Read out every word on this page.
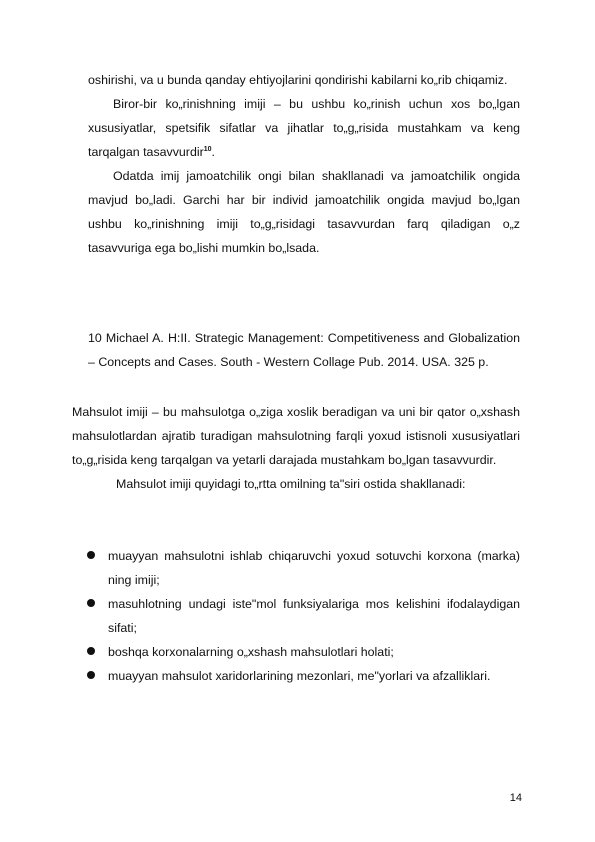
oshirishi, va u bunda qanday ehtiyojlarini qondirishi kabilarni ko„rib chiqamiz.

Biror-bir ko„rinishning imiji – bu ushbu ko„rinish uchun xos bo„lgan xususiyatlar, spetsifik sifatlar va jihatlar to„g„risida mustahkam va keng tarqalgan tasavvurdir$^{10}$.

Odatda imij jamoatchilik ongi bilan shakllanadi va jamoatchilik ongida mavjud bo„ladi. Garchi har bir individ jamoatchilik ongida mavjud bo„lgan ushbu ko„rinishning imiji to„g„risidagi tasavvurdan farq qiladigan o„z tasavvuriga ega bo„lishi mumkin bo„lsada.

10 Michael A. H:II. Strategic Management: Competitiveness and Globalization – Concepts and Cases. South - Western Collage Pub. 2014. USA. 325 p.

Mahsulot imiji – bu mahsulotga o„ziga xoslik beradigan va uni bir qator o„xshash mahsulotlardan ajratib turadigan mahsulotning farqli yoxud istisnoli xususiyatlari to„g„risida keng tarqalgan va yetarli darajada mustahkam bo„lgan tasavvurdir.

Mahsulot imiji quyidagi to„rtta omilning ta"siri ostida shakllanadi:

muayyan mahsulotni ishlab chiqaruvchi yoxud sotuvchi korxona (marka) ning imiji;
masuhlotning undagi iste"mol funksiyalariga mos kelishini ifodalaydigan sifati;
boshqa korxonalarning o„xshash mahsulotlari holati;
muayyan mahsulot xaridorlarining mezonlari, me"yorlari va afzalliklari.
14
